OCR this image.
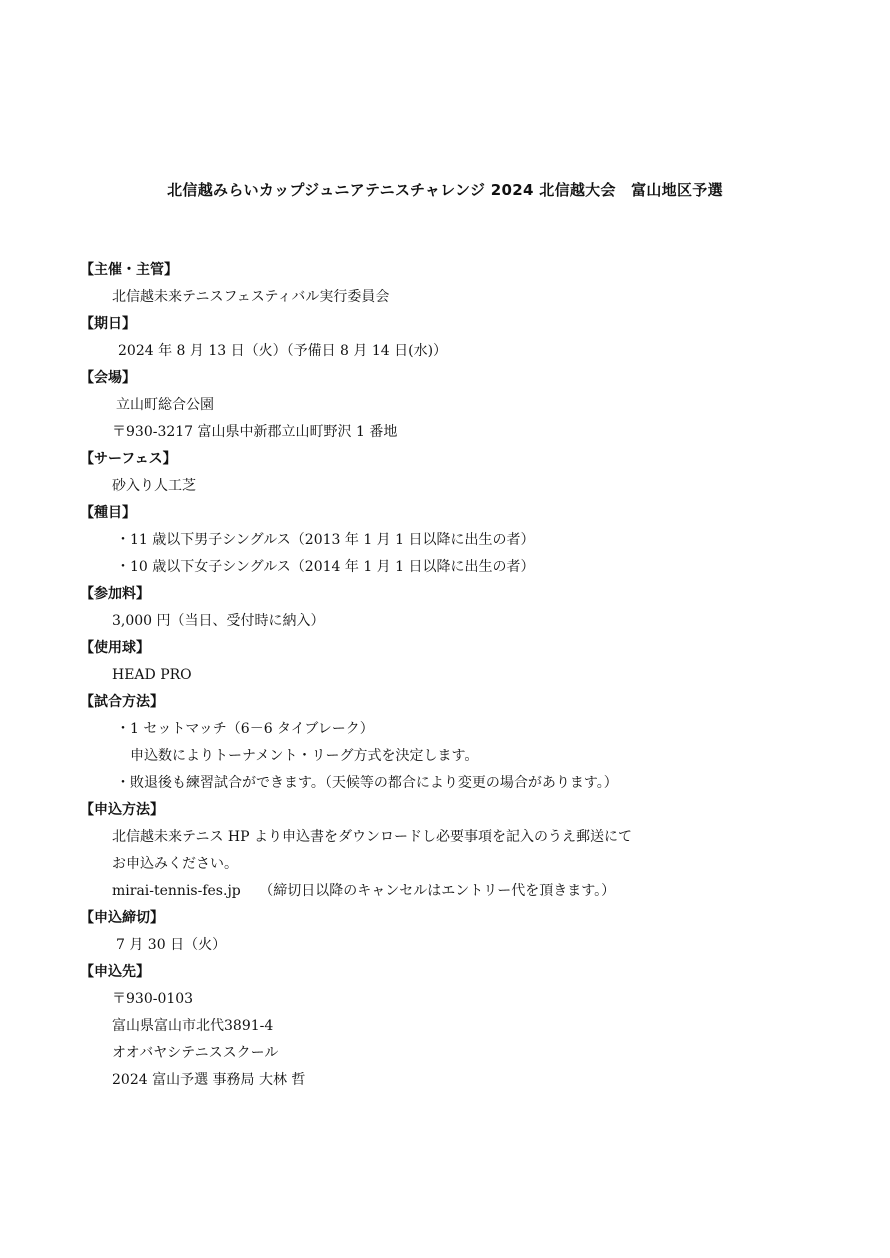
北信越みらいカップジュニアテニスチャレンジ 2024 北信越大会　富山地区予選
【主催・主管】
北信越未来テニスフェスティバル実行委員会
【期日】
2024 年 8 月 13 日（火）（予備日 8 月 14 日(水)）
【会場】
立山町総合公園
〒930-3217 富山県中新郡立山町野沢 1 番地
【サーフェス】
砂入り人工芝
【種目】
・11 歳以下男子シングルス（2013 年 1 月 1 日以降に出生の者）
・10 歳以下女子シングルス（2014 年 1 月 1 日以降に出生の者）
【参加料】
3,000 円（当日、受付時に納入）
【使用球】
HEAD PRO
【試合方法】
・1 セットマッチ（6－6 タイブレーク）
申込数によりトーナメント・リーグ方式を決定します。
・敗退後も練習試合ができます。（天候等の都合により変更の場合があります。）
【申込方法】
北信越未来テニス HP より申込書をダウンロードし必要事項を記入のうえ郵送にて
お申込みください。
mirai-tennis-fes.jp　 （締切日以降のキャンセルはエントリー代を頂きます。）
【申込締切】
7 月 30 日（火）
【申込先】
〒930-0103
富山県富山市北代3891-4
オオバヤシテニススクール
2024 富山予選 事務局 大林 哲
